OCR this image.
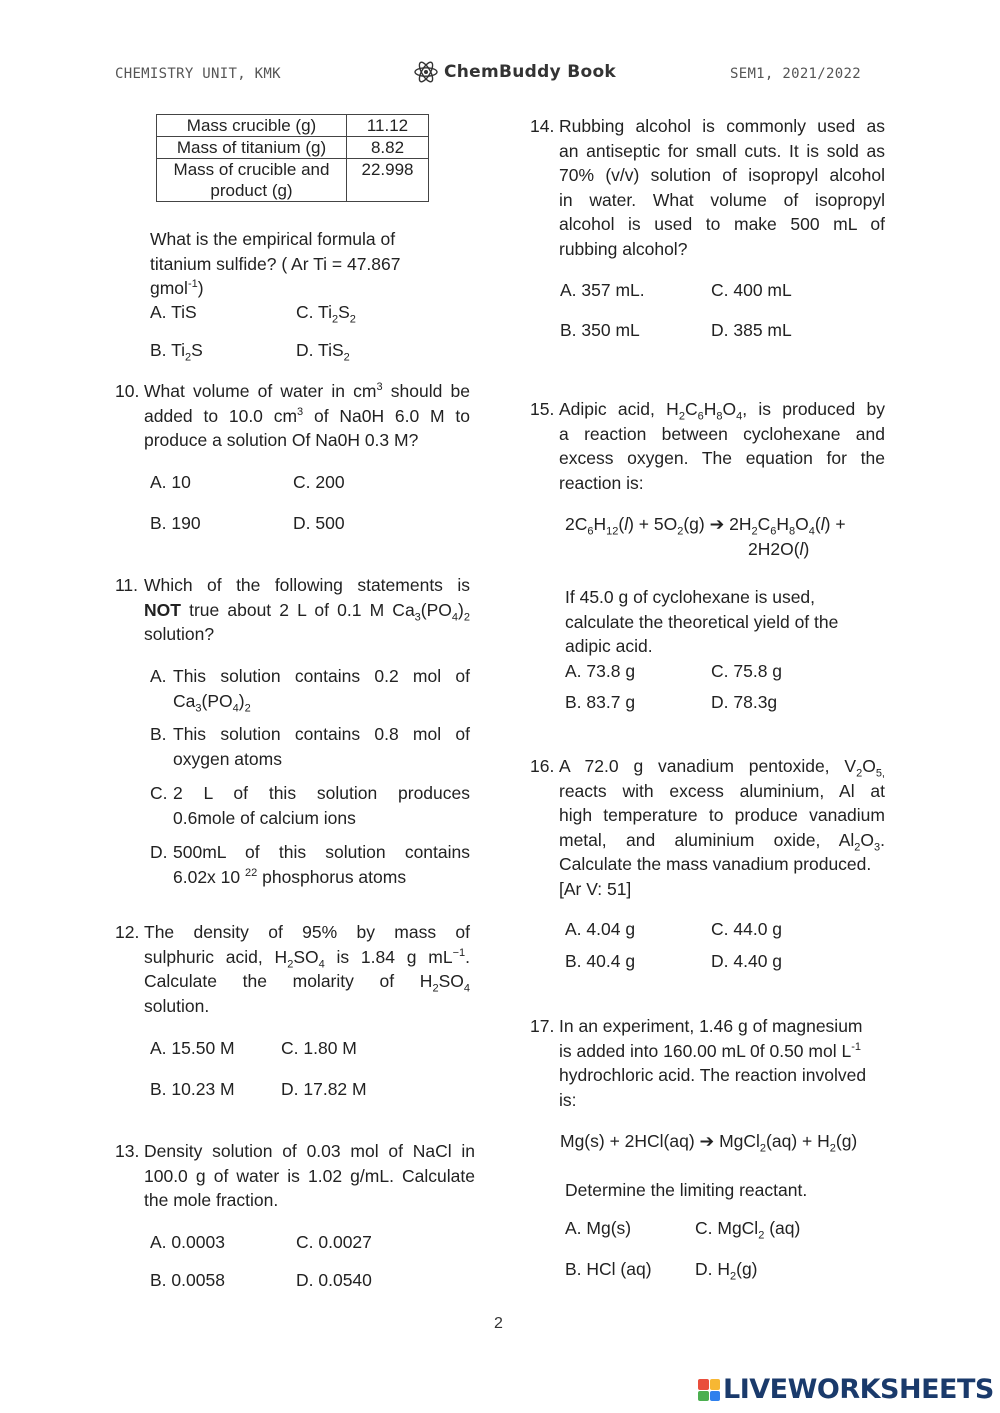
CHEMISTRY UNIT, KMK	ChemBuddy Book	SEM1, 2021/2022
Mass crucible (g)	11.12
Mass of titanium (g)	8.82
Mass of crucible and
product (g)	22.998
What is the empirical formula of
titanium sulfide? ( Ar Ti = 47.867
gmol$^{-1}$)
A. TiS	C. $Ti_2S_2$
B. $Ti_2S$	D. TiS$_2$
10. What volume of water in $cm^3$ should be
added to 10.0 $cm^3$ of Na0H 6.0 M to
produce a solution Of Na0H 0.3 M?
A. 10	C. 200
B. 190	D. 500
11. Which of the following statements is
NOT true about 2 L of 0.1 M $Ca_3(PO_4)_2$
solution?
A. This solution contains 0.2 mol of
$Ca_3(PO_4)_2$
B. This solution contains 0.8 mol of
oxygen atoms
C. 2 L of this solution produces
0.6mole of calcium ions
D. 500mL of this solution contains
6.02x 10 $^{22}$ phosphorus atoms
12. The density of 95% by mass of
sulphuric acid, $H_2SO_4$ is 1.84 g $mL^{-1}$.
Calculate the molarity of $H_2SO_4$
solution.
A. 15.50 M	C. 1.80 M
B. 10.23 M	D. 17.82 M
13. Density solution of 0.03 mol of NaCl in
100.0 g of water is 1.02 g/mL. Calculate
the mole fraction.
A. 0.0003	C. 0.0027
B. 0.0058	D. 0.0540
14. Rubbing alcohol is commonly used as
an antiseptic for small cuts. It is sold as
70% (v/v) solution of isopropyl alcohol
in water. What volume of isopropyl
alcohol is used to make 500 mL of
rubbing alcohol?
A. 357 mL.	C. 400 mL
B. 350 mL	D. 385 mL
15. Adipic acid, $H_2C_6H_8O_4$, is produced by
a reaction between cyclohexane and
excess oxygen. The equation for the
reaction is:
$2C_6H_{12}(l) + 5O_2(g)$ ➔ $2H_2C_6H_8O_4(l)$ +
2H2O(l)
If 45.0 g of cyclohexane is used,
calculate the theoretical yield of the
adipic acid.
A. 73.8 g	C. 75.8 g
B. 83.7 g	D. 78.3g
16. A 72.0 g vanadium pentoxide, $V_2O_{5,}$
reacts with excess aluminium, Al at
high temperature to produce vanadium
metal, and aluminium oxide, $Al_2O_3$.
Calculate the mass vanadium produced.
[Ar V: 51]
A. 4.04 g	C. 44.0 g
B. 40.4 g	D. 4.40 g
17. In an experiment, 1.46 g of magnesium
is added into 160.00 mL 0f 0.50 mol $L^{-1}$
hydrochloric acid. The reaction involved
is:
Mg(s) + 2HCl(aq) ➔ MgCl$_2$(aq) + $H_2(g)$
Determine the limiting reactant.
A. Mg(s)	C. MgCl$_2$ (aq)
B. HCl (aq) D. $H_2(g)$
2
LIVEWORKSHEETS
